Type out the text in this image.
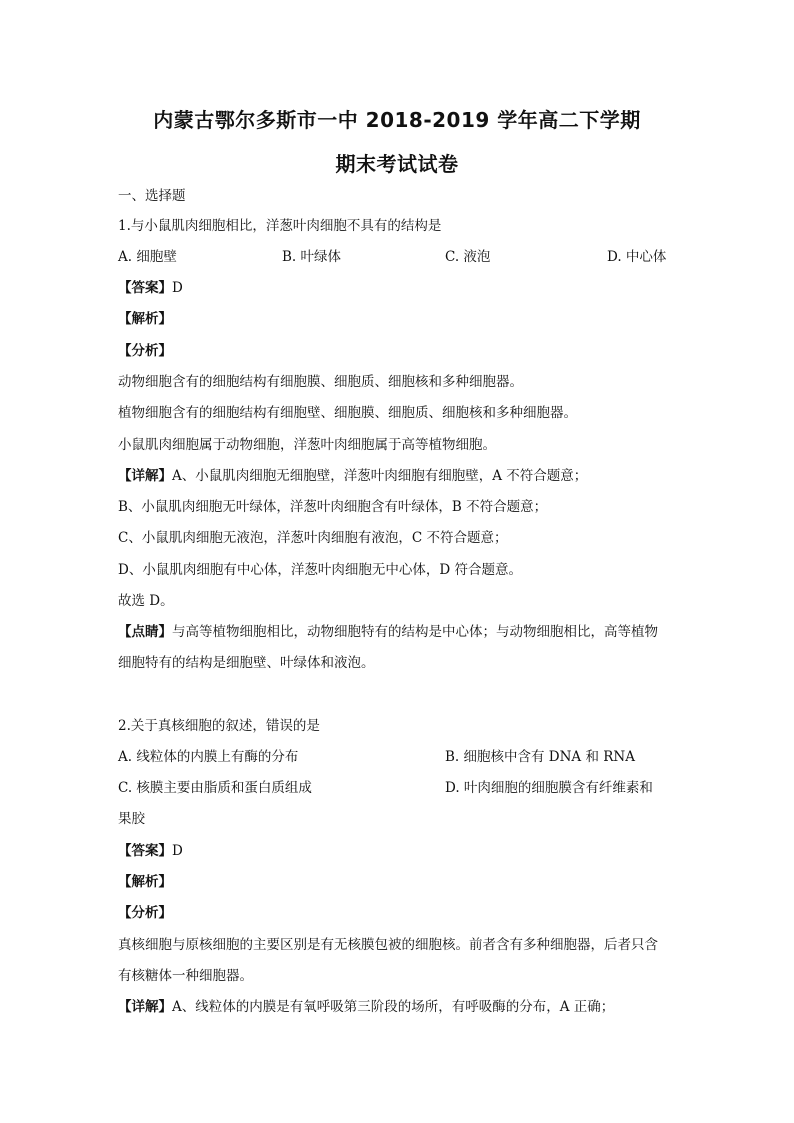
内蒙古鄂尔多斯市一中 2018-2019 学年高二下学期
期末考试试卷
一、选择题
1.与小鼠肌肉细胞相比，洋葱叶肉细胞不具有的结构是
A. 细胞壁	B. 叶绿体	C. 液泡	D. 中心体
【答案】D
【解析】
【分析】
动物细胞含有的细胞结构有细胞膜、细胞质、细胞核和多种细胞器。
植物细胞含有的细胞结构有细胞壁、细胞膜、细胞质、细胞核和多种细胞器。
小鼠肌肉细胞属于动物细胞，洋葱叶肉细胞属于高等植物细胞。
【详解】A、小鼠肌肉细胞无细胞壁，洋葱叶肉细胞有细胞壁，A 不符合题意；
B、小鼠肌肉细胞无叶绿体，洋葱叶肉细胞含有叶绿体，B 不符合题意；
C、小鼠肌肉细胞无液泡，洋葱叶肉细胞有液泡，C 不符合题意；
D、小鼠肌肉细胞有中心体，洋葱叶肉细胞无中心体，D 符合题意。
故选 D。
【点睛】与高等植物细胞相比，动物细胞特有的结构是中心体；与动物细胞相比，高等植物
细胞特有的结构是细胞壁、叶绿体和液泡。
2.关于真核细胞的叙述，错误的是
A. 线粒体的内膜上有酶的分布	B. 细胞核中含有 DNA 和 RNA
C. 核膜主要由脂质和蛋白质组成	D. 叶肉细胞的细胞膜含有纤维素和
果胶
【答案】D
【解析】
【分析】
真核细胞与原核细胞的主要区别是有无核膜包被的细胞核。前者含有多种细胞器，后者只含
有核糖体一种细胞器。
【详解】A、线粒体的内膜是有氧呼吸第三阶段的场所，有呼吸酶的分布，A 正确；
